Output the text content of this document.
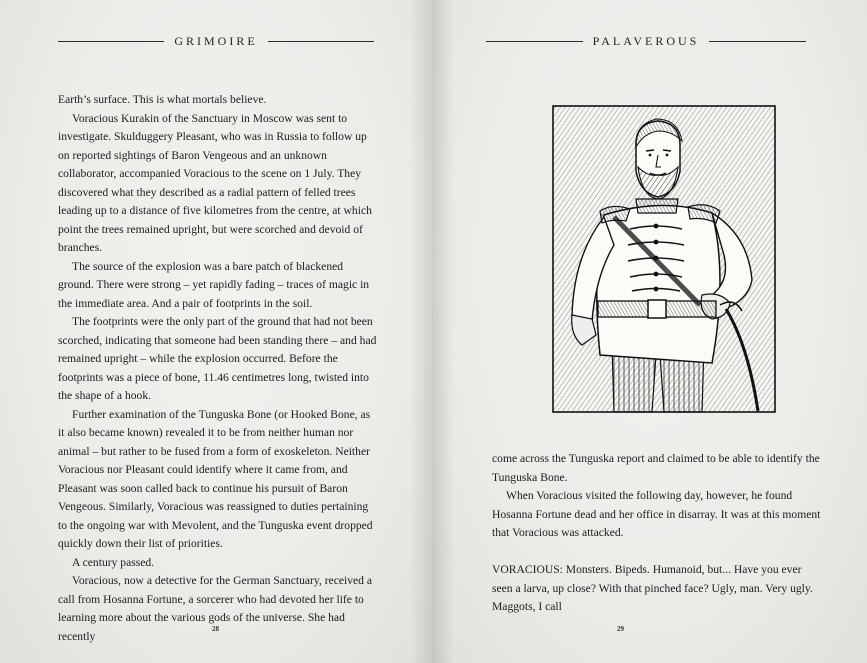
GRIMOIRE

Earth’s surface. This is what mortals believe.

Voracious Kurakin of the Sanctuary in Moscow was sent to investigate. Skulduggery Pleasant, who was in Russia to follow up on reported sightings of Baron Vengeous and an unknown collaborator, accompanied Voracious to the scene on 1 July. They discovered what they described as a radial pattern of felled trees leading up to a distance of five kilometres from the centre, at which point the trees remained upright, but were scorched and devoid of branches.

The source of the explosion was a bare patch of blackened ground. There were strong – yet rapidly fading – traces of magic in the immediate area. And a pair of footprints in the soil.

The footprints were the only part of the ground that had not been scorched, indicating that someone had been standing there – and had remained upright – while the explosion occurred. Before the footprints was a piece of bone, 11.46 centimetres long, twisted into the shape of a hook.

Further examination of the Tunguska Bone (or Hooked Bone, as it also became known) revealed it to be from neither human nor animal – but rather to be fused from a form of exoskeleton. Neither Voracious nor Pleasant could identify where it came from, and Pleasant was soon called back to continue his pursuit of Baron Vengeous. Similarly, Voracious was reassigned to duties pertaining to the ongoing war with Mevolent, and the Tunguska event dropped quickly down their list of priorities.

A century passed.

Voracious, now a detective for the German Sanctuary, received a call from Hosanna Fortune, a sorcerer who had devoted her life to learning more about the various gods of the universe. She had recently

28
PALAVEROUS

come across the Tunguska report and claimed to be able to identify the Tunguska Bone.

When Voracious visited the following day, however, he found Hosanna Fortune dead and her office in disarray. It was at this moment that Voracious was attacked.

VORACIOUS: Monsters. Bipeds. Humanoid, but... Have you ever seen a larva, up close? With that pinched face? Ugly, man. Very ugly. Maggots, I call
29
